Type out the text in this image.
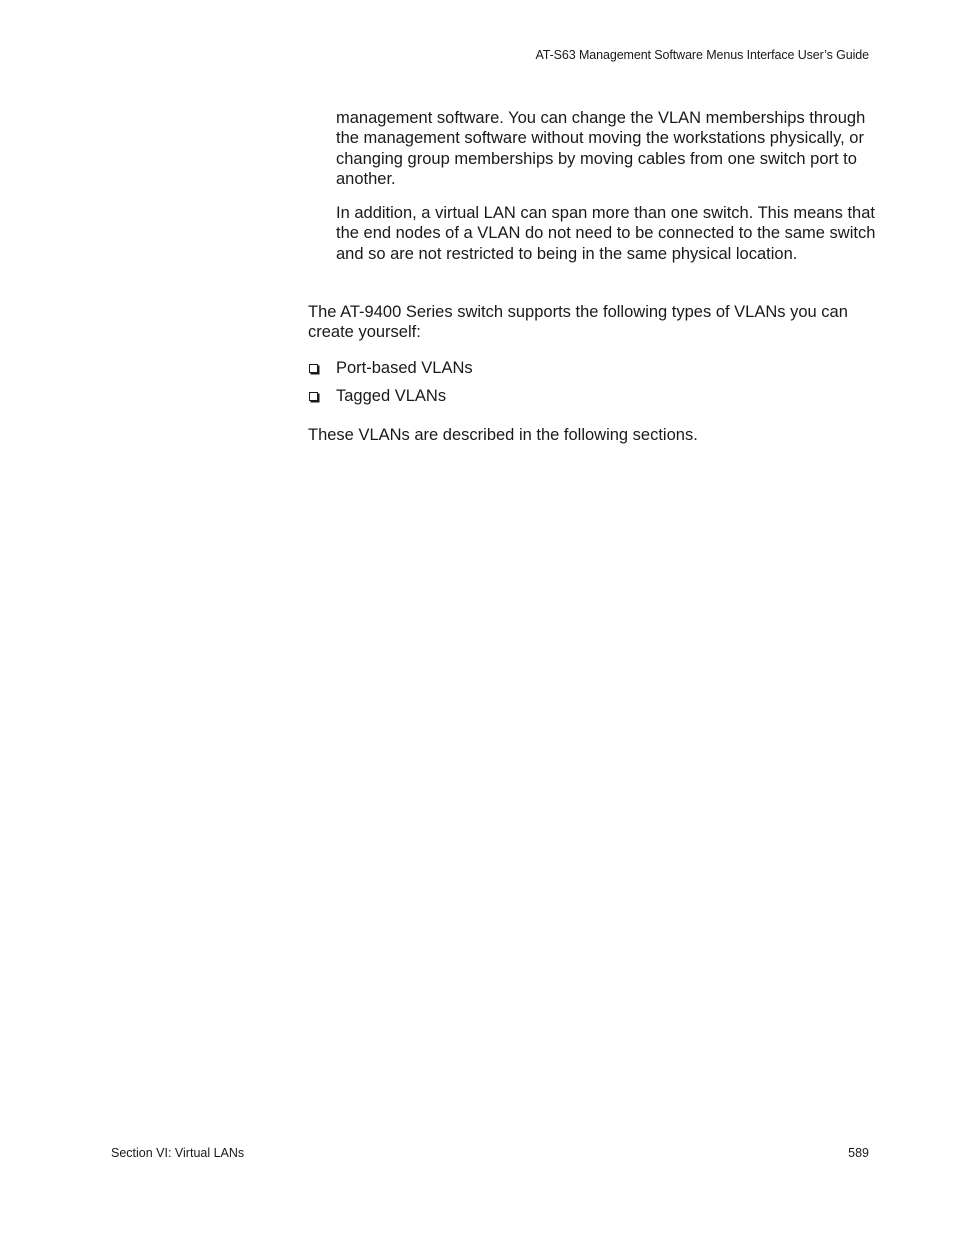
AT-S63 Management Software Menus Interface User’s Guide

management software. You can change the VLAN memberships through the management software without moving the workstations physically, or changing group memberships by moving cables from one switch port to another.

In addition, a virtual LAN can span more than one switch. This means that the end nodes of a VLAN do not need to be connected to the same switch and so are not restricted to being in the same physical location.

The AT-9400 Series switch supports the following types of VLANs you can create yourself:

Port-based VLANs
Tagged VLANs

These VLANs are described in the following sections.

Section VI: Virtual LANs	589
